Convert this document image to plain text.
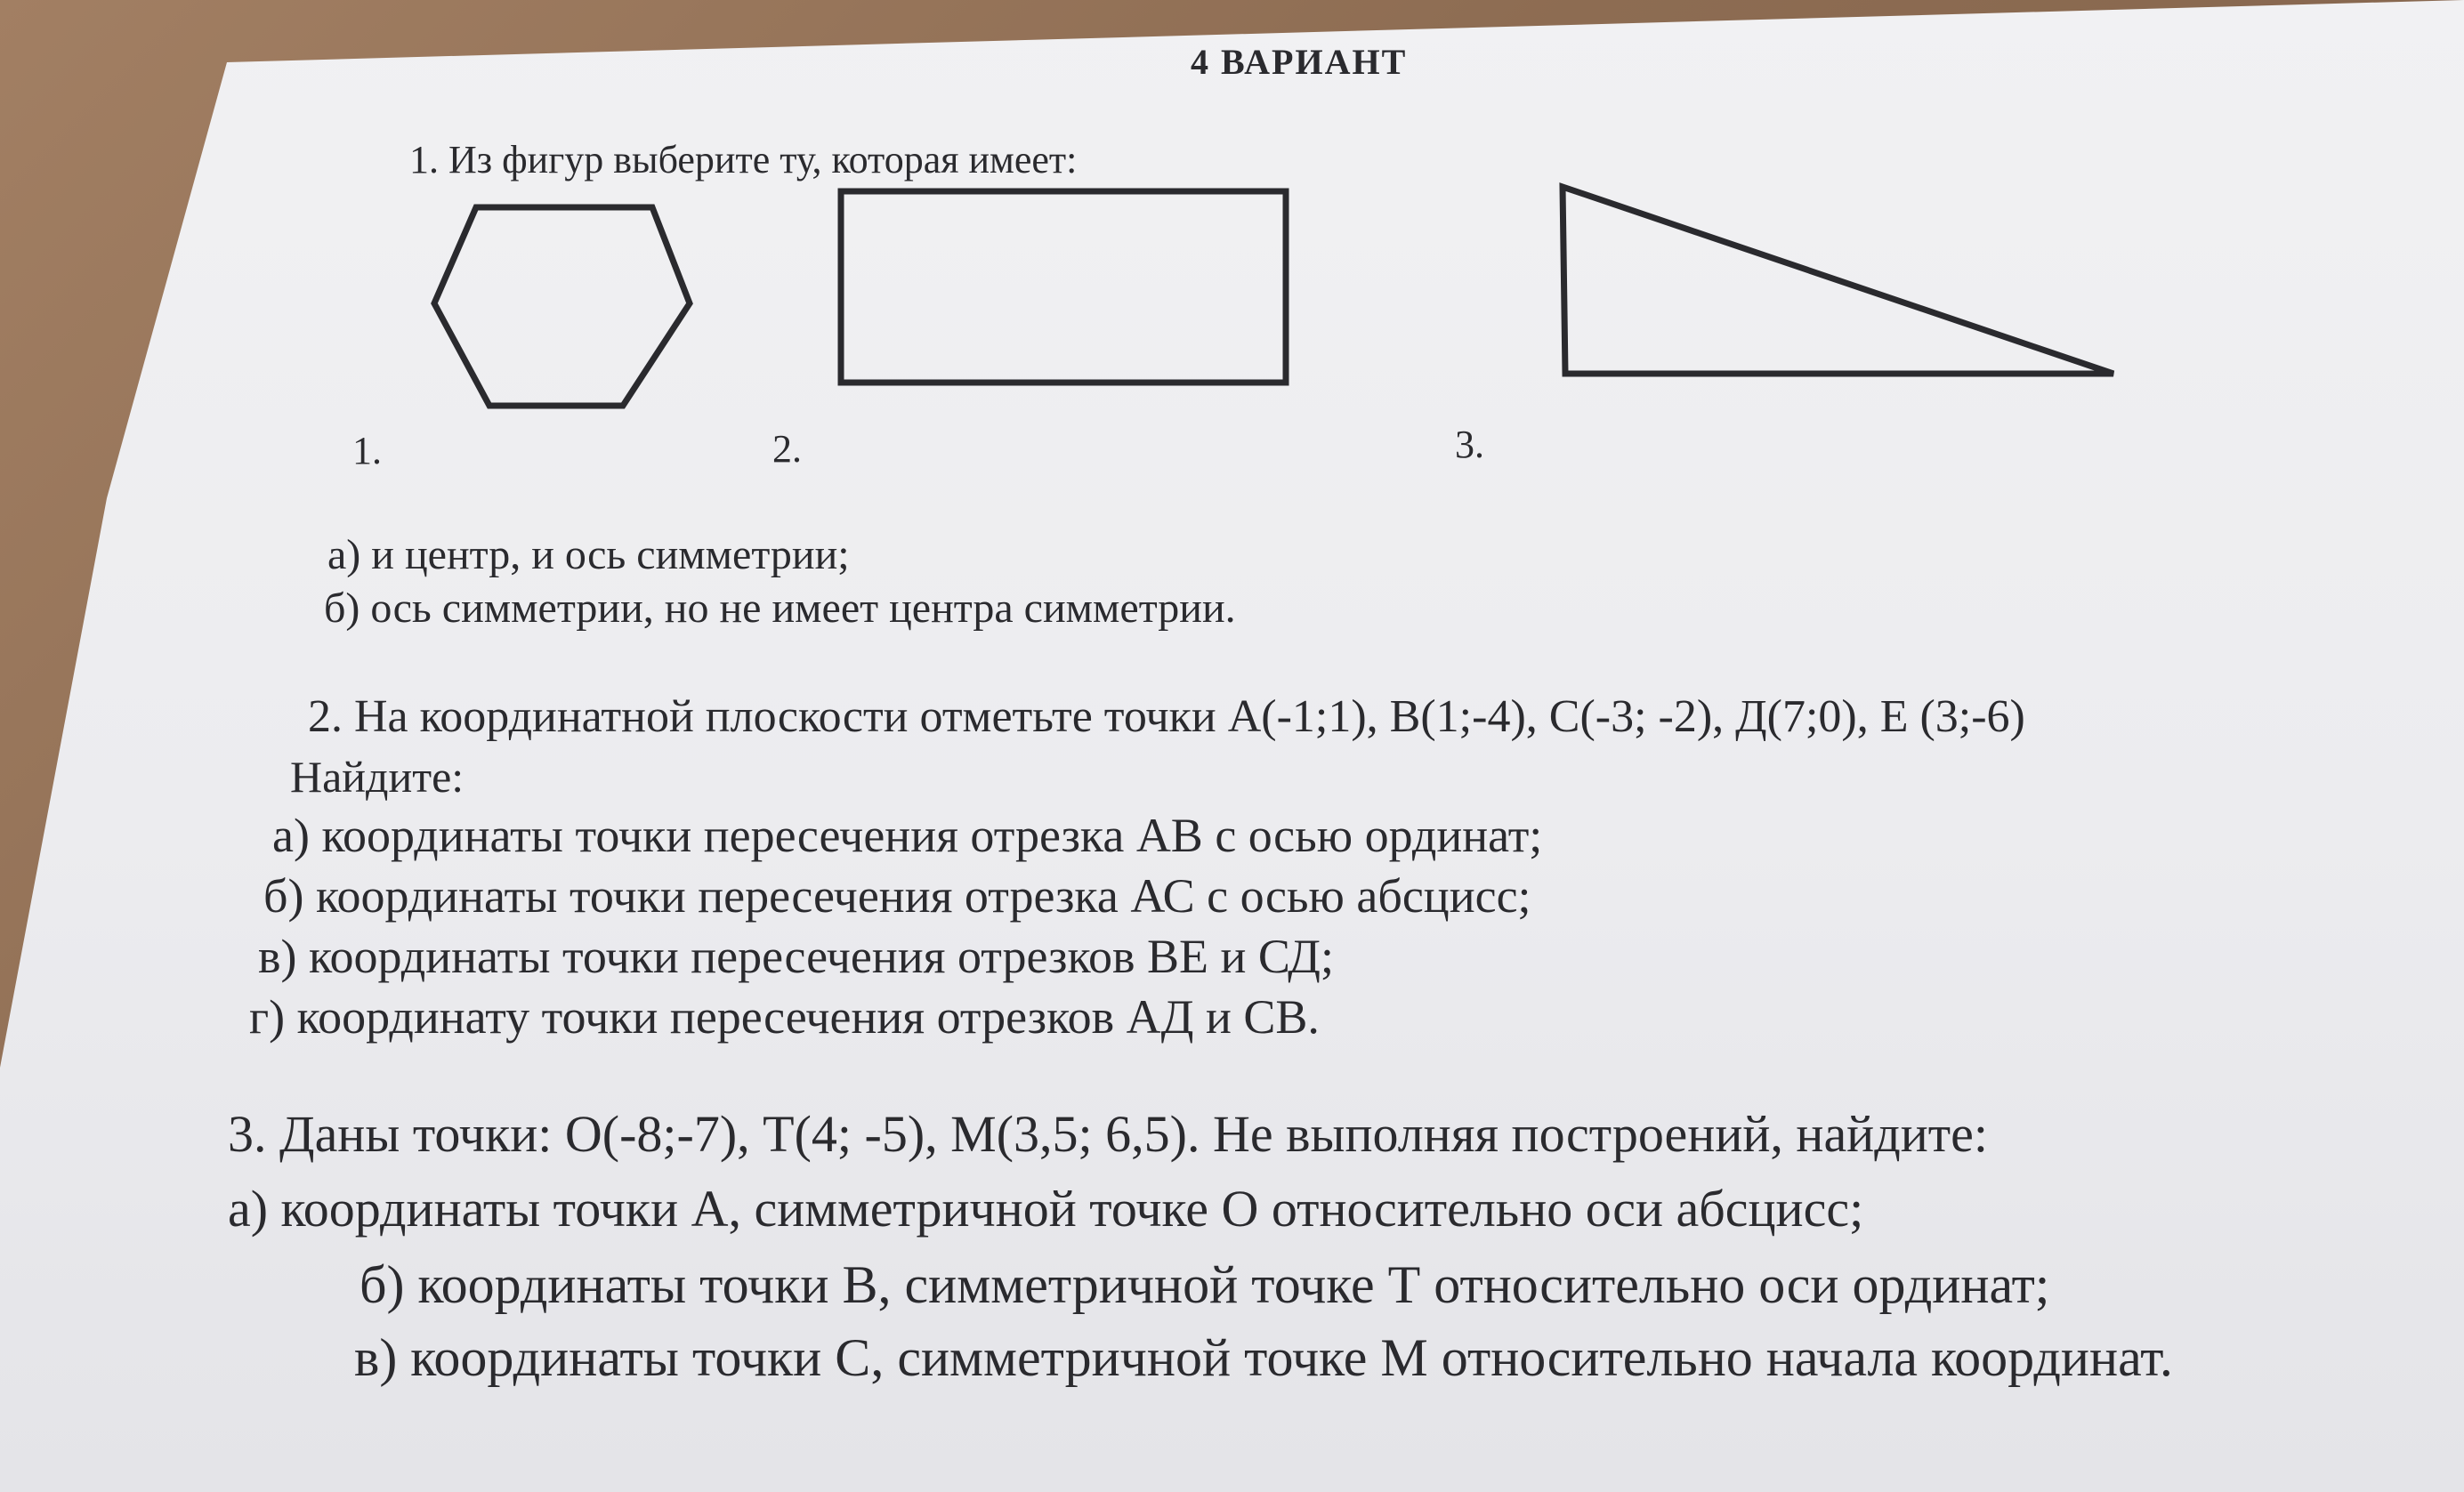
4 ВАРИАНТ
1. Из фигур выберите ту, которая имеет:
1.	2.	3.
а) и центр, и ось симметрии;
б) ось симметрии, но не имеет центра симметрии.
2. На координатной плоскости отметьте точки А(-1;1), В(1;-4), С(-3; -2), Д(7;0), Е (3;-6)
Найдите:
а) координаты точки пересечения отрезка АВ с осью ординат;
б) координаты точки пересечения отрезка АС с осью абсцисс;
в) координаты точки пересечения отрезков ВЕ и СД;
г) координату точки пересечения отрезков АД и СВ.
3. Даны точки: О(-8;-7), Т(4; -5), М(3,5; 6,5). Не выполняя построений, найдите:
а) координаты точки А, симметричной точке О относительно оси абсцисс;
б) координаты точки В, симметричной точке Т относительно оси ординат;
в) координаты точки С, симметричной точке М относительно начала координат.
